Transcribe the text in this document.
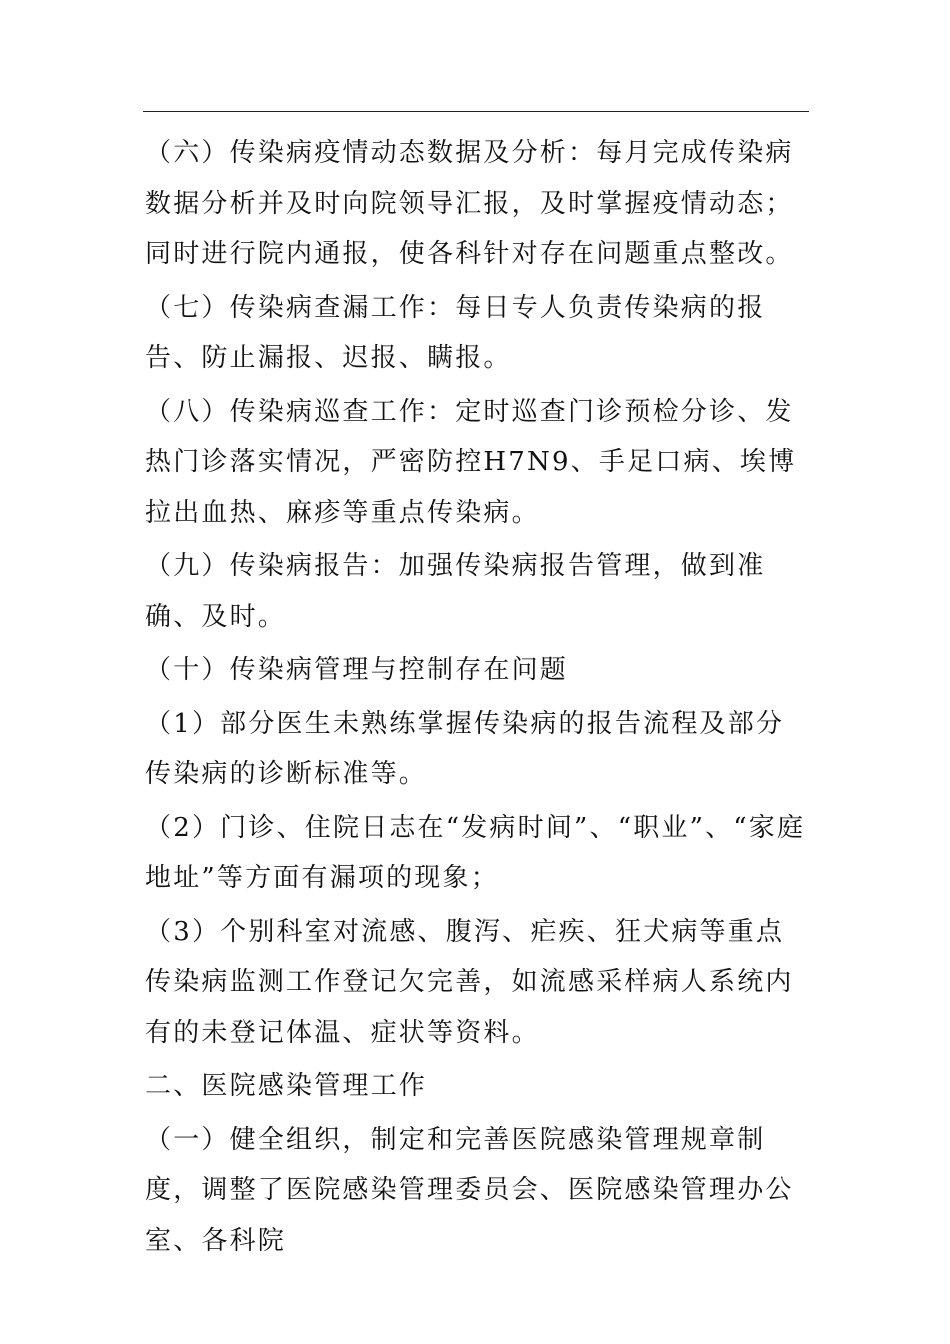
（六）传染病疫情动态数据及分析：每月完成传染病数据分析并及时向院领导汇报，及时掌握疫情动态；同时进行院内通报，使各科针对存在问题重点整改。

（七）传染病查漏工作：每日专人负责传染病的报告、防止漏报、迟报、瞒报。

（八）传染病巡查工作：定时巡查门诊预检分诊、发热门诊落实情况，严密防控H7N9、手足口病、埃博拉出血热、麻疹等重点传染病。

（九）传染病报告：加强传染病报告管理，做到准确、及时。

（十）传染病管理与控制存在问题

（1）部分医生未熟练掌握传染病的报告流程及部分传染病的诊断标准等。

（2）门诊、住院日志在“发病时间”、“职业”、“家庭地址”等方面有漏项的现象；

（3）个别科室对流感、腹泻、疟疾、狂犬病等重点传染病监测工作登记欠完善，如流感采样病人系统内有的未登记体温、症状等资料。

二、医院感染管理工作

（一）健全组织，制定和完善医院感染管理规章制度，调整了医院感染管理委员会、医院感染管理办公室、各科院
